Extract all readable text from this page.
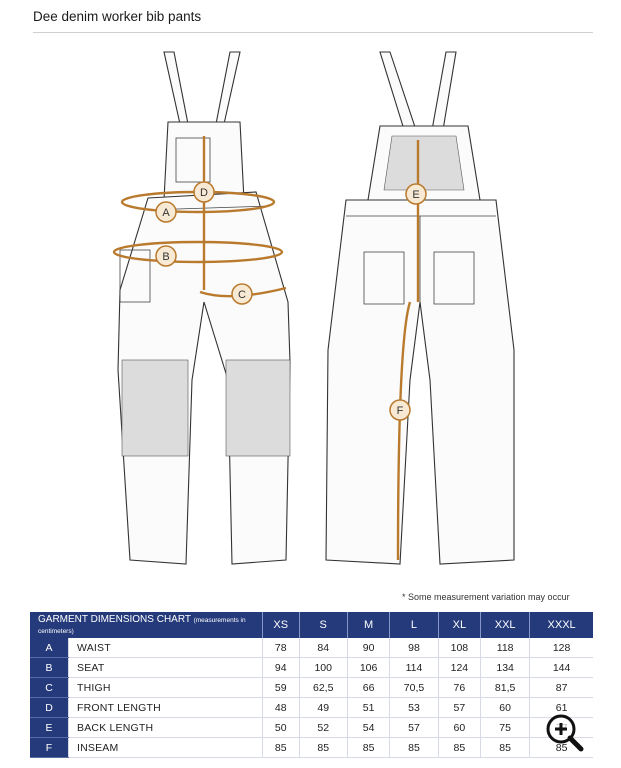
Dee denim worker bib pants
A
B
C
D	E
F
* Some measurement variation may occur
GARMENT DIMENSIONS CHART (measurements in centimeters)		XS	S	M	L	XL	XXL	XXXL
A	WAIST	78	84	90	98	108	118	128
B	SEAT	94	100	106	114	124	134	144
C	THIGH	59	62,5	66	70,5	76	81,5	87
D	FRONT LENGTH	48	49	51	53	57	60	61
E	BACK LENGTH	50	52	54	57	60	75	
F	INSEAM	85	85	85	85	85	85	85
